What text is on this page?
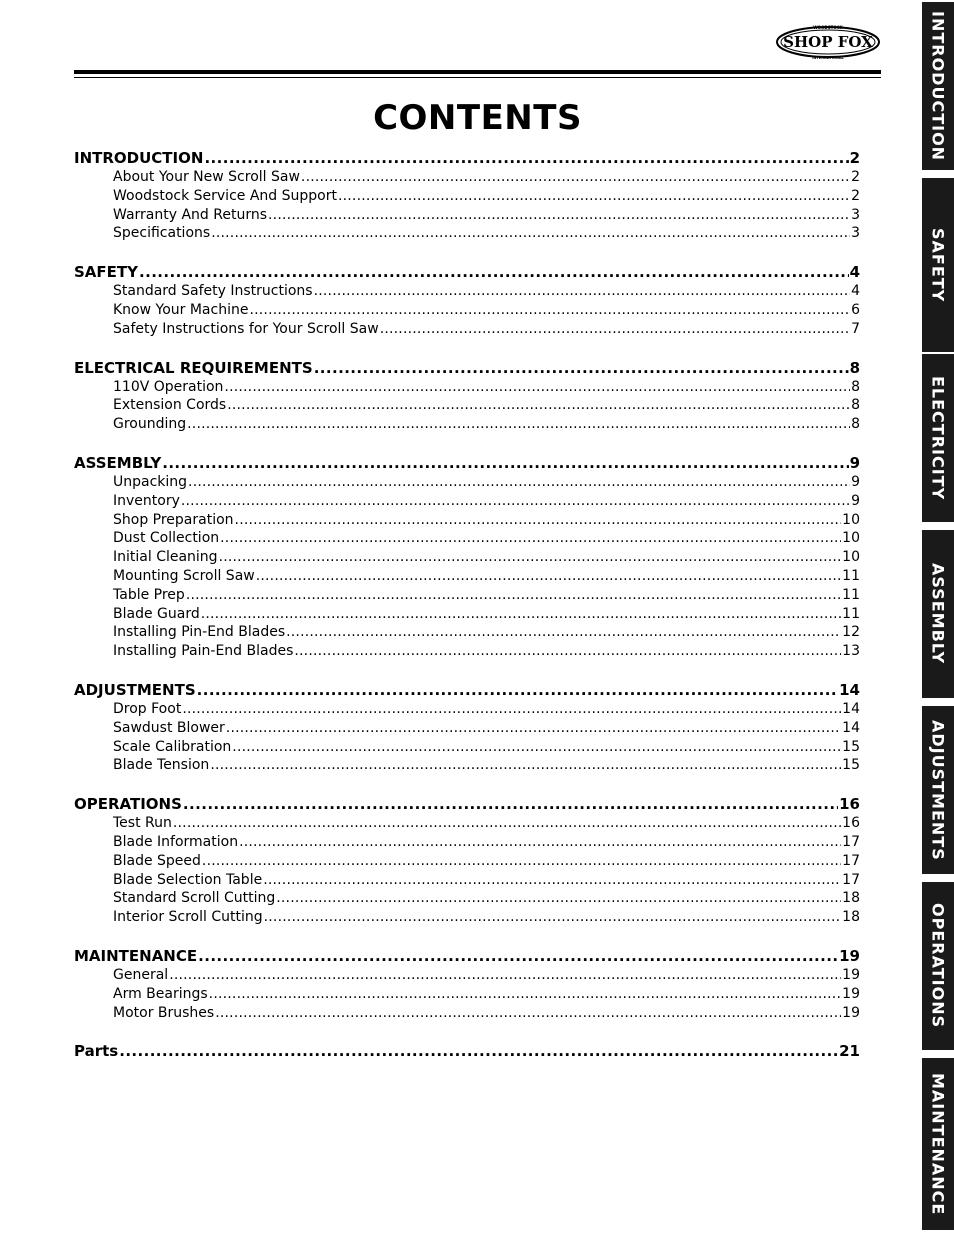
WOODSTOCK
SHOP FOX
INTERNATIONAL
CONTENTS
INTRODUCTION .....	2
About Your New Scroll Saw .....	2
Woodstock Service And Support .....	2
Warranty And Returns .....	3
Specifications .....	3
SAFETY .....	4
Standard Safety Instructions .....	4
Know Your Machine .....	6
Safety Instructions for Your Scroll Saw .....	7
ELECTRICAL REQUIREMENTS .....	8
110V Operation .....	8
Extension Cords .....	8
Grounding .....	8
ASSEMBLY .....	9
Unpacking .....	9
Inventory .....	9
Shop Preparation .....	10
Dust Collection .....	10
Initial Cleaning .....	10
Mounting Scroll Saw .....	11
Table Prep .....	11
Blade Guard .....	11
Installing Pin-End Blades .....	12
Installing Pain-End Blades .....	13
ADJUSTMENTS .....	14
Drop Foot .....	14
Sawdust Blower .....	14
Scale Calibration .....	15
Blade Tension .....	15
OPERATIONS .....	16
Test Run .....	16
Blade Information .....	17
Blade Speed .....	17
Blade Selection Table .....	17
Standard Scroll Cutting .....	18
Interior Scroll Cutting .....	18
MAINTENANCE .....	19
General .....	19
Arm Bearings .....	19
Motor Brushes .....	19
Parts .....	21
INTRODUCTION
SAFETY
ELECTRICITY
ASSEMBLY
ADJUSTMENTS
OPERATIONS
MAINTENANCE
